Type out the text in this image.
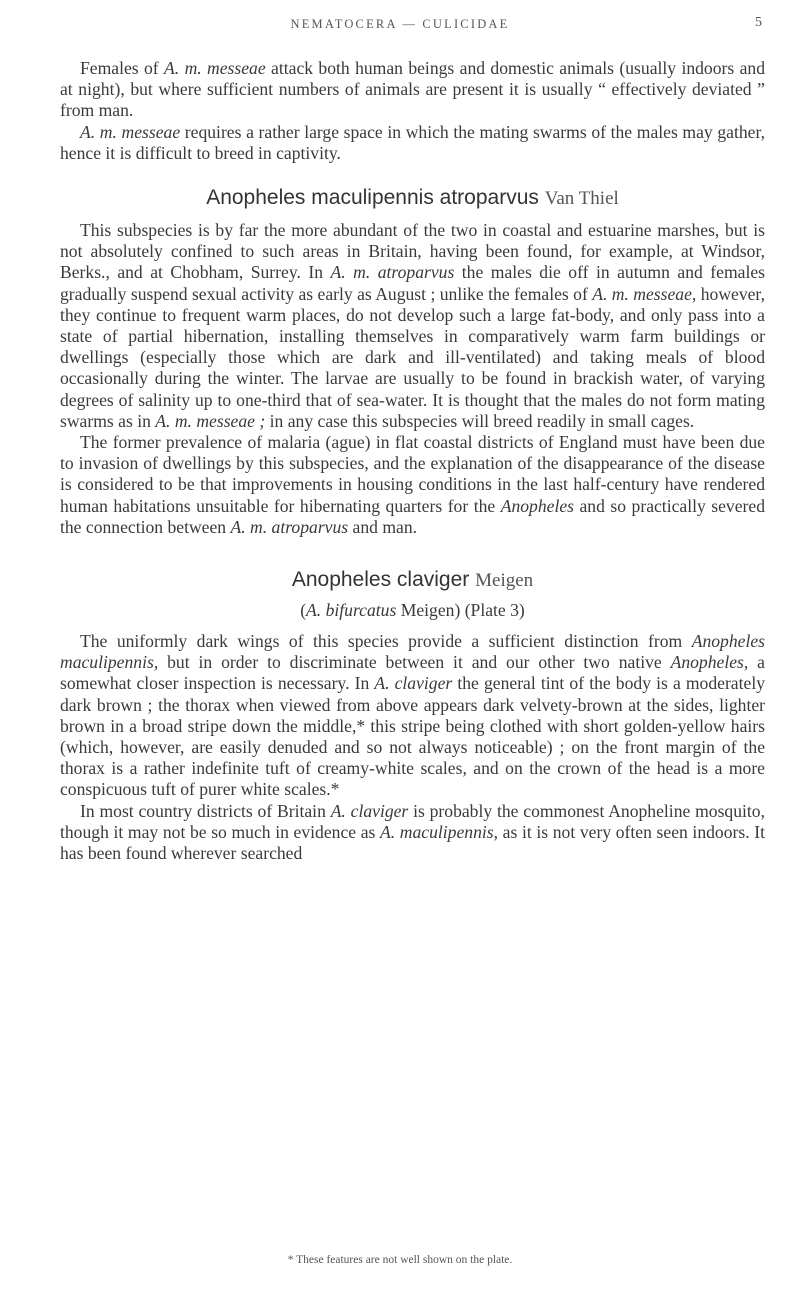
NEMATOCERA — CULICIDAE	5

Females of A. m. messeae attack both human beings and domestic animals (usually indoors and at night), but where sufficient numbers of animals are present it is usually “ effectively deviated ” from man.

A. m. messeae requires a rather large space in which the mating swarms of the males may gather, hence it is difficult to breed in captivity.

Anopheles maculipennis atroparvus Van Thiel

This subspecies is by far the more abundant of the two in coastal and estuarine marshes, but is not absolutely confined to such areas in Britain, having been found, for example, at Windsor, Berks., and at Chobham, Surrey. In A. m. atroparvus the males die off in autumn and females gradually suspend sexual activity as early as August ; unlike the females of A. m. messeae, however, they continue to frequent warm places, do not develop such a large fat-body, and only pass into a state of partial hibernation, installing themselves in comparatively warm farm buildings or dwellings (especially those which are dark and ill-ventilated) and taking meals of blood occasionally during the winter. The larvae are usually to be found in brackish water, of varying degrees of salinity up to one-third that of sea-water. It is thought that the males do not form mating swarms as in A. m. messeae ; in any case this subspecies will breed readily in small cages.

The former prevalence of malaria (ague) in flat coastal districts of England must have been due to invasion of dwellings by this subspecies, and the explanation of the disappearance of the disease is considered to be that improvements in housing conditions in the last half-century have rendered human habitations unsuitable for hibernating quarters for the Anopheles and so practically severed the connection between A. m. atroparvus and man.

Anopheles claviger Meigen
(A. bifurcatus Meigen) (Plate 3)

The uniformly dark wings of this species provide a sufficient distinction from Anopheles maculipennis, but in order to discriminate between it and our other two native Anopheles, a somewhat closer inspection is necessary. In A. claviger the general tint of the body is a moderately dark brown ; the thorax when viewed from above appears dark velvety-brown at the sides, lighter brown in a broad stripe down the middle,* this stripe being clothed with short golden-yellow hairs (which, however, are easily denuded and so not always noticeable) ; on the front margin of the thorax is a rather indefinite tuft of creamy-white scales, and on the crown of the head is a more conspicuous tuft of purer white scales.*

In most country districts of Britain A. claviger is probably the commonest Anopheline mosquito, though it may not be so much in evidence as A. maculipennis, as it is not very often seen indoors. It has been found wherever searched

* These features are not well shown on the plate.
